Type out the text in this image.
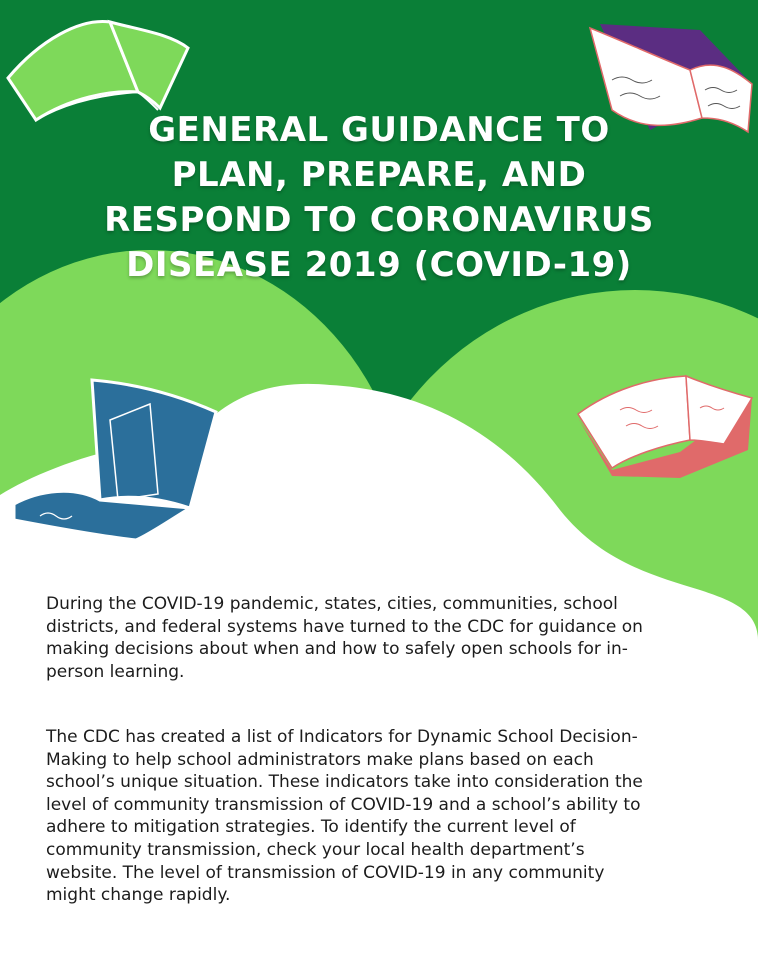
GENERAL GUIDANCE TO
PLAN, PREPARE, AND
RESPOND TO CORONAVIRUS
DISEASE 2019 (COVID-19)

During the COVID-19 pandemic, states, cities, communities, school
districts, and federal systems have turned to the CDC for guidance on
making decisions about when and how to safely open schools for in-
person learning.

The CDC has created a list of Indicators for Dynamic School Decision-
Making to help school administrators make plans based on each
school’s unique situation. These indicators take into consideration the
level of community transmission of COVID-19 and a school’s ability to
adhere to mitigation strategies. To identify the current level of
community transmission, check your local health department’s
website. The level of transmission of COVID-19 in any community
might change rapidly.
